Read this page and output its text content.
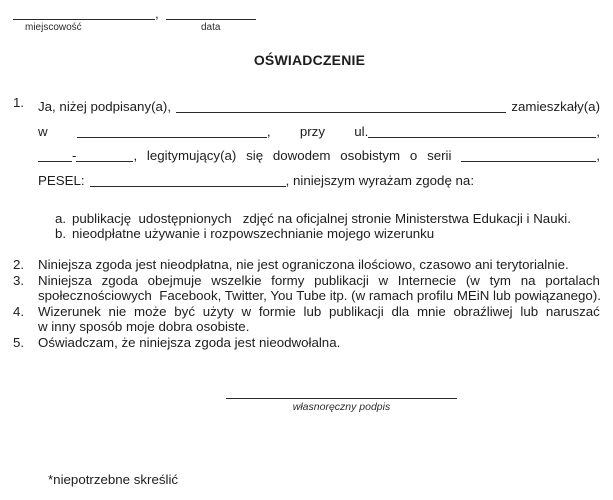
,
miejscowość	data
OŚWIADCZENIE
1.	Ja, niżej podpisany(a),	zamieszkały(a)
w	, przy ul.	,
-	, legitymujący(a) się dowodem osobistym o serii	,
PESEL:	, niniejszym wyrażam zgodę na:
a. publikację  udostępnionych   zdjęć na oficjalnej stronie Ministerstwa Edukacji i Nauki.
b. nieodpłatne używanie i rozpowszechnianie mojego wizerunku
2.	Niniejsza zgoda jest nieodpłatna, nie jest ograniczona ilościowo, czasowo ani terytorialnie.
3.	Niniejsza zgoda obejmuje wszelkie formy publikacji w Internecie (w tym na portalach
społecznościowych  Facebook, Twitter, You Tube itp. (w ramach profilu MEiN lub powiązanego).
4.	Wizerunek nie może być użyty w formie lub publikacji dla mnie obraźliwej lub naruszać
w inny sposób moje dobra osobiste.
5.	Oświadczam, że niniejsza zgoda jest nieodwołalna.
własnoręczny podpis
*niepotrzebne skreślić
